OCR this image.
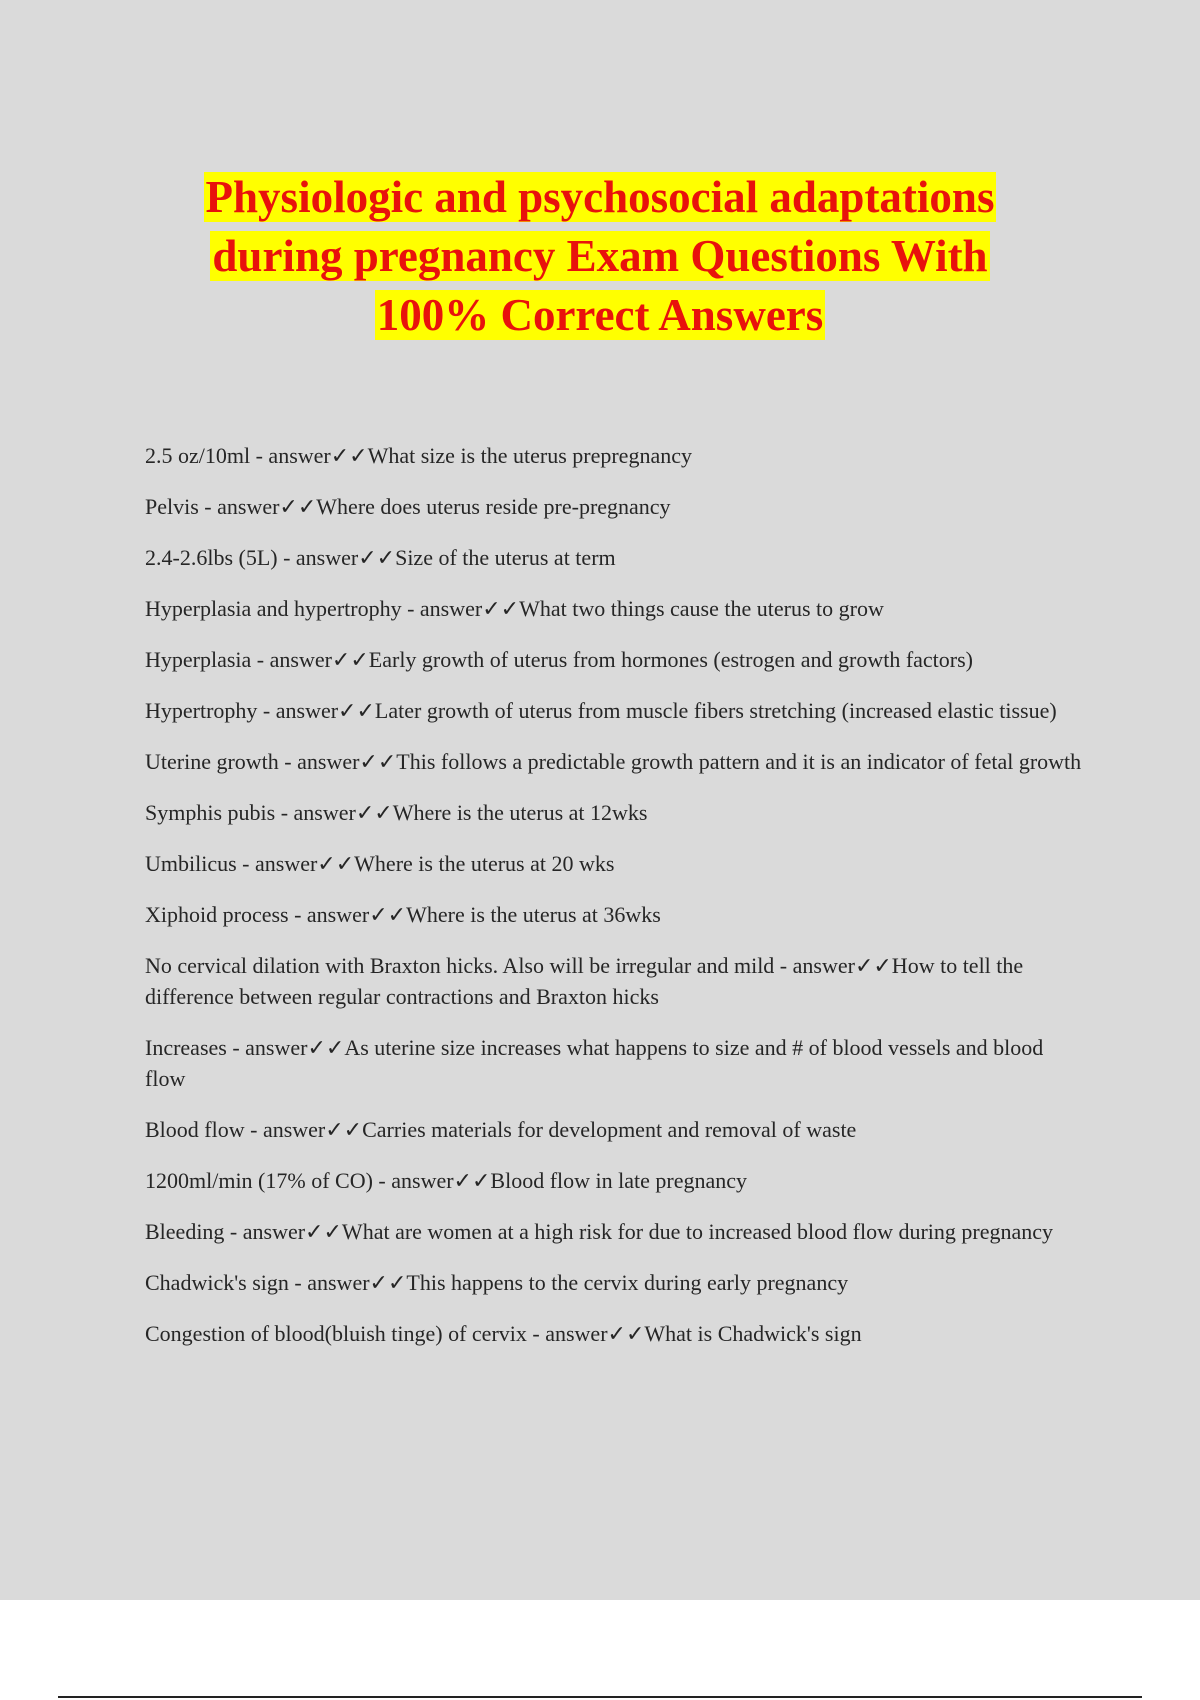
Physiologic and psychosocial adaptations
during pregnancy Exam Questions With
100% Correct Answers
2.5 oz/10ml - answer✓✓What size is the uterus prepregnancy
Pelvis - answer✓✓Where does uterus reside pre-pregnancy
2.4-2.6lbs (5L) - answer✓✓Size of the uterus at term
Hyperplasia and hypertrophy - answer✓✓What two things cause the uterus to grow
Hyperplasia - answer✓✓Early growth of uterus from hormones (estrogen and growth factors)
Hypertrophy - answer✓✓Later growth of uterus from muscle fibers stretching (increased elastic tissue)
Uterine growth - answer✓✓This follows a predictable growth pattern and it is an indicator of fetal growth
Symphis pubis - answer✓✓Where is the uterus at 12wks
Umbilicus - answer✓✓Where is the uterus at 20 wks
Xiphoid process - answer✓✓Where is the uterus at 36wks
No cervical dilation with Braxton hicks. Also will be irregular and mild - answer✓✓How to tell the difference between regular contractions and Braxton hicks
Increases - answer✓✓As uterine size increases what happens to size and # of blood vessels and blood flow
Blood flow - answer✓✓Carries materials for development and removal of waste
1200ml/min (17% of CO) - answer✓✓Blood flow in late pregnancy
Bleeding - answer✓✓What are women at a high risk for due to increased blood flow during pregnancy
Chadwick's sign - answer✓✓This happens to the cervix during early pregnancy
Congestion of blood(bluish tinge) of cervix - answer✓✓What is Chadwick's sign
